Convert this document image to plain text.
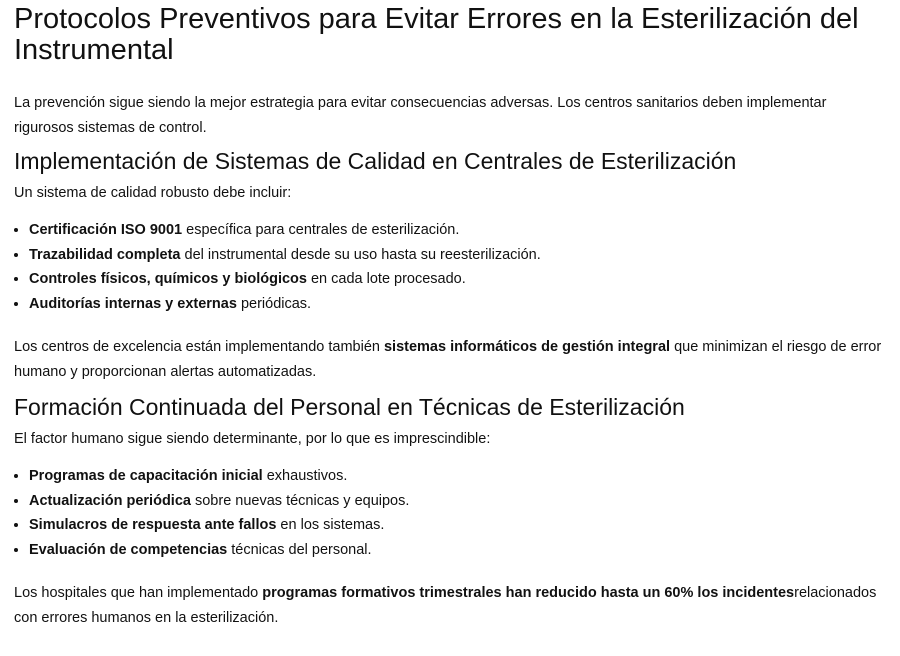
Protocolos Preventivos para Evitar Errores en la Esterilización del Instrumental

La prevención sigue siendo la mejor estrategia para evitar consecuencias adversas. Los centros sanitarios deben implementar rigurosos sistemas de control.

Implementación de Sistemas de Calidad en Centrales de Esterilización

Un sistema de calidad robusto debe incluir:

• Certificación ISO 9001 específica para centrales de esterilización.
• Trazabilidad completa del instrumental desde su uso hasta su reesterilización.
• Controles físicos, químicos y biológicos en cada lote procesado.
• Auditorías internas y externas periódicas.

Los centros de excelencia están implementando también sistemas informáticos de gestión integral que minimizan el riesgo de error humano y proporcionan alertas automatizadas.

Formación Continuada del Personal en Técnicas de Esterilización

El factor humano sigue siendo determinante, por lo que es imprescindible:

• Programas de capacitación inicial exhaustivos.
• Actualización periódica sobre nuevas técnicas y equipos.
• Simulacros de respuesta ante fallos en los sistemas.
• Evaluación de competencias técnicas del personal.

Los hospitales que han implementado programas formativos trimestrales han reducido hasta un 60% los incidentesrelacionados con errores humanos en la esterilización.
